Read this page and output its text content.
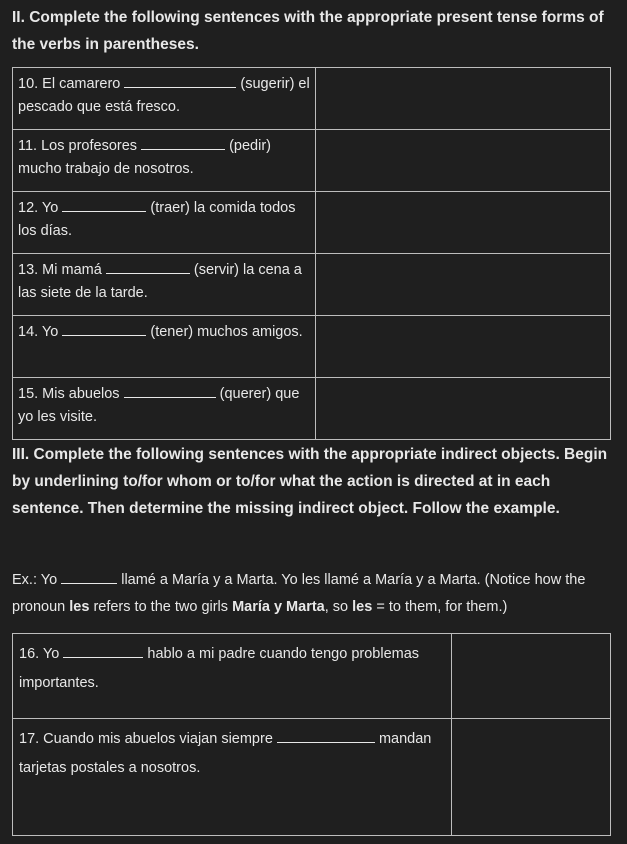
II. Complete the following sentences with the appropriate present tense forms of the verbs in parentheses.
10. El camarero (sugerir) el pescado que está fresco.	
11. Los profesores (pedir) mucho trabajo de nosotros.	
12. Yo (traer) la comida todos los días.	
13. Mi mamá (servir) la cena a las siete de la tarde.	
14. Yo (tener) muchos amigos.	
15. Mis abuelos (querer) que yo les visite.	
III. Complete the following sentences with the appropriate indirect objects. Begin by underlining to/for whom or to/for what the action is directed at in each sentence. Then determine the missing indirect object. Follow the example.
Ex.: Yo	llamé a María y a Marta. Yo les llamé a María y a Marta. (Notice how the pronoun les refers to the two girls María y Marta, so les = to them, for them.)
16. Yo hablo a mi padre cuando tengo problemas importantes.	
17. Cuando mis abuelos viajan siempre mandan tarjetas postales a nosotros.	
